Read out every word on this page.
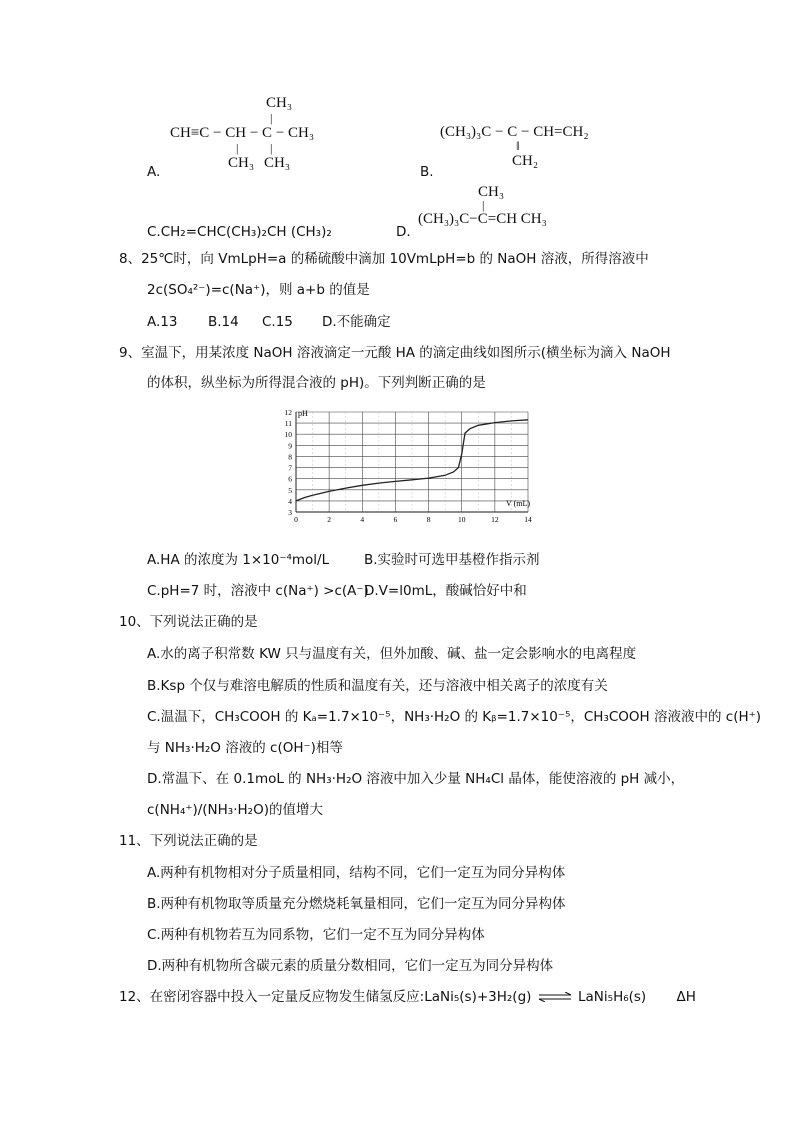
CH₃
|
CH≡C − CH − C − CH₃
|	|
CH₃ CH₃
A.
(CH₃)₃C − C − CH=CH₂
‖
CH₂
B.
C.CH₂=CHC(CH₃)₂CH (CH₃)₂	D.
CH₃
|
(CH₃)₃C−C=CH CH₃
8、25℃时，向 VmLpH=a 的稀硫酸中滴加 10VmLpH=b 的 NaOH 溶液，所得溶液中
2c(SO₄²⁻)=c(Na⁺)，则 a+b 的值是
A.13 B.14 C.15 D.不能确定
9、室温下，用某浓度 NaOH 溶液滴定一元酸 HA 的滴定曲线如图所示(横坐标为滴入 NaOH
的体积，纵坐标为所得混合液的 pH)。下列判断正确的是
3
4
5
6
7
8
9
10
11
12
0	2	4	6	8	10	12	14
pH
V (mL)
A.HA 的浓度为 1×10⁻⁴mol/L	B.实验时可选甲基橙作指示剂
C.pH=7 时，溶液中 c(Na⁺) >c(A⁻)
D.V=l0mL，酸碱恰好中和
10、下列说法正确的是
A.水的离子积常数 KW 只与温度有关，但外加酸、碱、盐一定会影响水的电离程度
B.Ksp 个仅与难溶电解质的性质和温度有关，还与溶液中相关离子的浓度有关
C.温温下，CH₃COOH 的 Kₐ=1.7×10⁻⁵，NH₃·H₂O 的 Kᵦ=1.7×10⁻⁵，CH₃COOH 溶液液中的 c(H⁺)
与 NH₃·H₂O 溶液的 c(OH⁻)相等
D.常温下、在 0.1moL 的 NH₃·H₂O 溶液中加入少量 NH₄Cl 晶体，能使溶液的 pH 减小，
c(NH₄⁺)/(NH₃·H₂O)的值增大
11、下列说法正确的是
A.两种有机物相对分子质量相同，结构不同，它们一定互为同分异构体
B.两种有机物取等质量充分燃烧耗氧量相同，它们一定互为同分异构体
C.两种有机物若互为同系物，它们一定不互为同分异构体
D.两种有机物所含碳元素的质量分数相同，它们一定互为同分异构体
12、在密闭容器中投入一定量反应物发生储氢反应:LaNi₅(s)+3H₂(g) ⇌ LaNi₅H₆(s) ΔH
